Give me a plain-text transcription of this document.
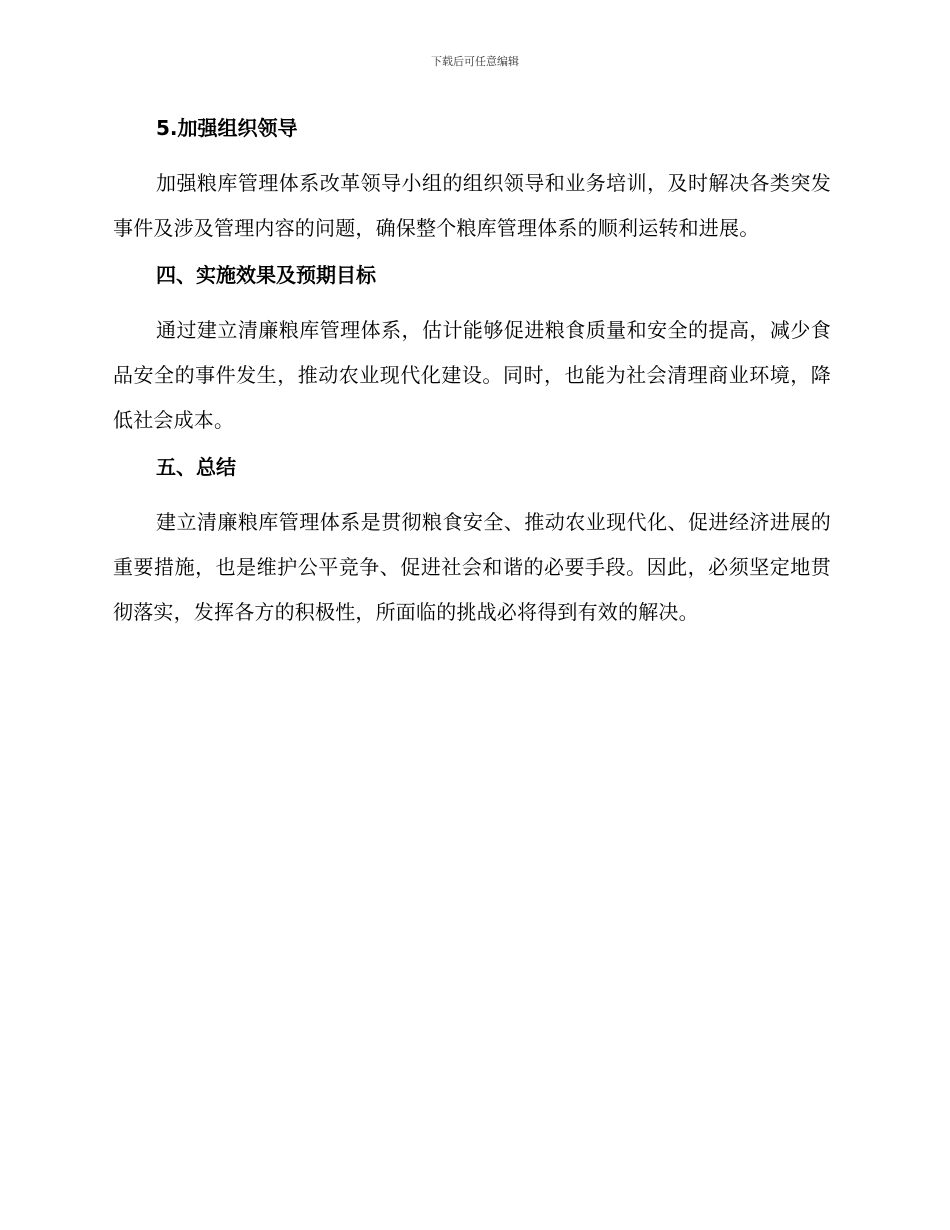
下载后可任意编辑
5.加强组织领导

加强粮库管理体系改革领导小组的组织领导和业务培训，及时解决各类突发事件及涉及管理内容的问题，确保整个粮库管理体系的顺利运转和进展。

四、实施效果及预期目标

通过建立清廉粮库管理体系，估计能够促进粮食质量和安全的提高，减少食品安全的事件发生，推动农业现代化建设。同时，也能为社会清理商业环境，降低社会成本。

五、总结

建立清廉粮库管理体系是贯彻粮食安全、推动农业现代化、促进经济进展的重要措施，也是维护公平竞争、促进社会和谐的必要手段。因此，必须坚定地贯彻落实，发挥各方的积极性，所面临的挑战必将得到有效的解决。
